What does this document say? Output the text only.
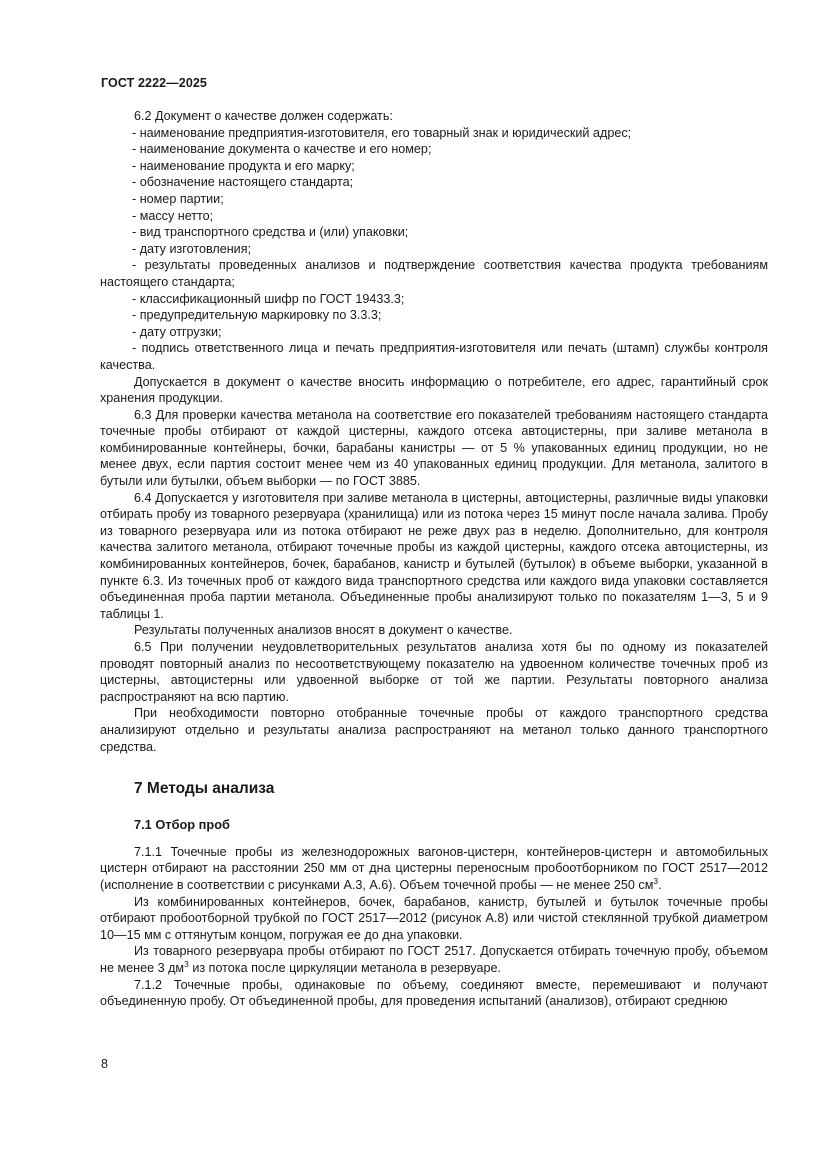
ГОСТ 2222—2025

6.2 Документ о качестве должен содержать:

- наименование предприятия-изготовителя, его товарный знак и юридический адрес;

- наименование документа о качестве и его номер;

- наименование продукта и его марку;

- обозначение настоящего стандарта;

- номер партии;

- массу нетто;

- вид транспортного средства и (или) упаковки;

- дату изготовления;

- результаты проведенных анализов и подтверждение соответствия качества продукта требованиям настоящего стандарта;

- классификационный шифр по ГОСТ 19433.3;

- предупредительную маркировку по 3.3.3;

- дату отгрузки;

- подпись ответственного лица и печать предприятия-изготовителя или печать (штамп) службы контроля качества.

Допускается в документ о качестве вносить информацию о потребителе, его адрес, гарантийный срок хранения продукции.

6.3 Для проверки качества метанола на соответствие его показателей требованиям настоящего стандарта точечные пробы отбирают от каждой цистерны, каждого отсека автоцистерны, при заливе метанола в комбинированные контейнеры, бочки, барабаны канистры — от 5 % упакованных единиц продукции, но не менее двух, если партия состоит менее чем из 40 упакованных единиц продукции. Для метанола, залитого в бутыли или бутылки, объем выборки — по ГОСТ 3885.

6.4 Допускается у изготовителя при заливе метанола в цистерны, автоцистерны, различные виды упаковки отбирать пробу из товарного резервуара (хранилища) или из потока через 15 минут после начала залива. Пробу из товарного резервуара или из потока отбирают не реже двух раз в неделю. Дополнительно, для контроля качества залитого метанола, отбирают точечные пробы из каждой цистерны, каждого отсека автоцистерны, из комбинированных контейнеров, бочек, барабанов, канистр и бутылей (бутылок) в объеме выборки, указанной в пункте 6.3. Из точечных проб от каждого вида транспортного средства или каждого вида упаковки составляется объединенная проба партии метанола. Объединенные пробы анализируют только по показателям 1—3, 5 и 9 таблицы 1.

Результаты полученных анализов вносят в документ о качестве.

6.5 При получении неудовлетворительных результатов анализа хотя бы по одному из показателей проводят повторный анализ по несоответствующему показателю на удвоенном количестве точечных проб из цистерны, автоцистерны или удвоенной выборке от той же партии. Результаты повторного анализа распространяют на всю партию.

При необходимости повторно отобранные точечные пробы от каждого транспортного средства анализируют отдельно и результаты анализа распространяют на метанол только данного транспортного средства.

7 Методы анализа
7.1 Отбор проб

7.1.1 Точечные пробы из железнодорожных вагонов-цистерн, контейнеров-цистерн и автомобильных цистерн отбирают на расстоянии 250 мм от дна цистерны переносным пробоотборником по ГОСТ 2517—2012 (исполнение в соответствии с рисунками А.3, А.6). Объем точечной пробы — не менее 250 $см^3$.

Из комбинированных контейнеров, бочек, барабанов, канистр, бутылей и бутылок точечные пробы отбирают пробоотборной трубкой по ГОСТ 2517—2012 (рисунок А.8) или чистой стеклянной трубкой диаметром 10—15 мм с оттянутым концом, погружая ее до дна упаковки.

Из товарного резервуара пробы отбирают по ГОСТ 2517. Допускается отбирать точечную пробу, объемом не менее 3 $дм^3$ из потока после циркуляции метанола в резервуаре.

7.1.2 Точечные пробы, одинаковые по объему, соединяют вместе, перемешивают и получают объединенную пробу. От объединенной пробы, для проведения испытаний (анализов), отбирают среднюю

8
